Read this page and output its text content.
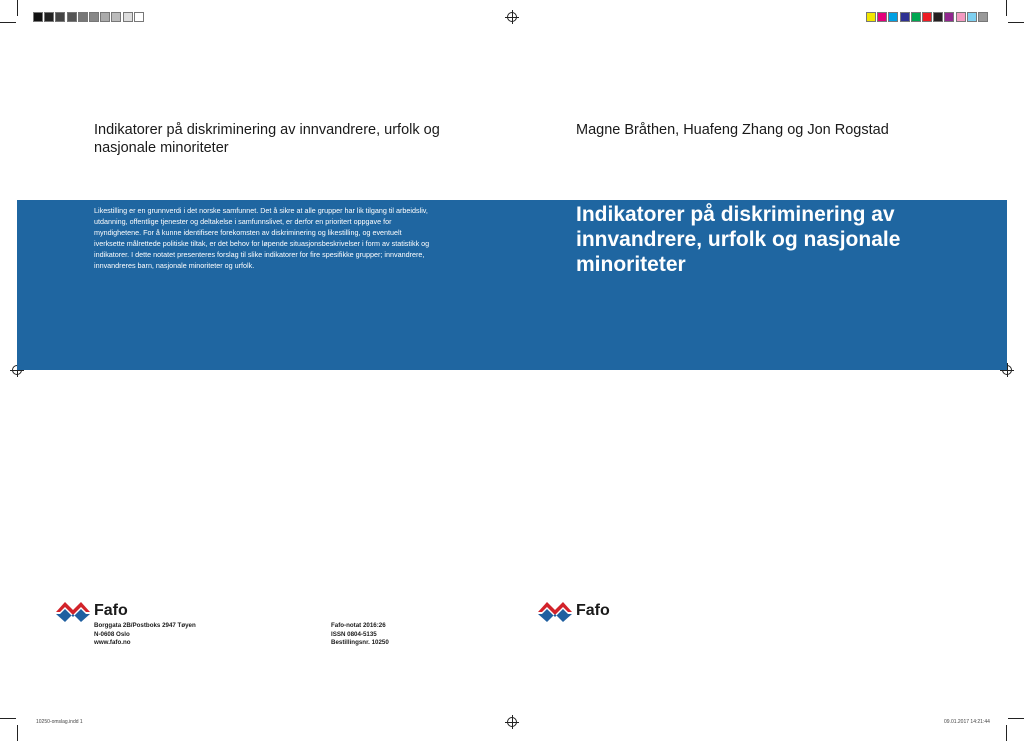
Indikatorer på diskriminering av innvandrere, urfolk og nasjonale minoriteter
Likestilling er en grunnverdi i det norske samfunnet. Det å sikre at alle grupper har lik tilgang til arbeidsliv, utdanning, offentlige tjenester og deltakelse i samfunnslivet, er derfor en prioritert oppgave for myndighetene. For å kunne identifisere forekomsten av diskriminering og likestilling, og eventuelt iverksette målrettede politiske tiltak, er det behov for løpende situasjonsbeskrivelser i form av statistikk og indikatorer. I dette notatet presenteres forslag til slike indikatorer for fire spesifikke grupper; innvandrere, innvandreres barn, nasjonale minoriteter og urfolk.
Fafo
Borggata 2B/Postboks 2947 Tøyen
N-0608 Oslo
www.fafo.no
Fafo-notat 2016:26
ISSN 0804-5135
Bestillingsnr. 10250
Magne Bråthen, Huafeng Zhang og Jon Rogstad
Indikatorer på diskriminering av innvandrere, urfolk og nasjonale minoriteter
Fafo
10250-omslag.indd 1	09.01.2017 14:21:44
